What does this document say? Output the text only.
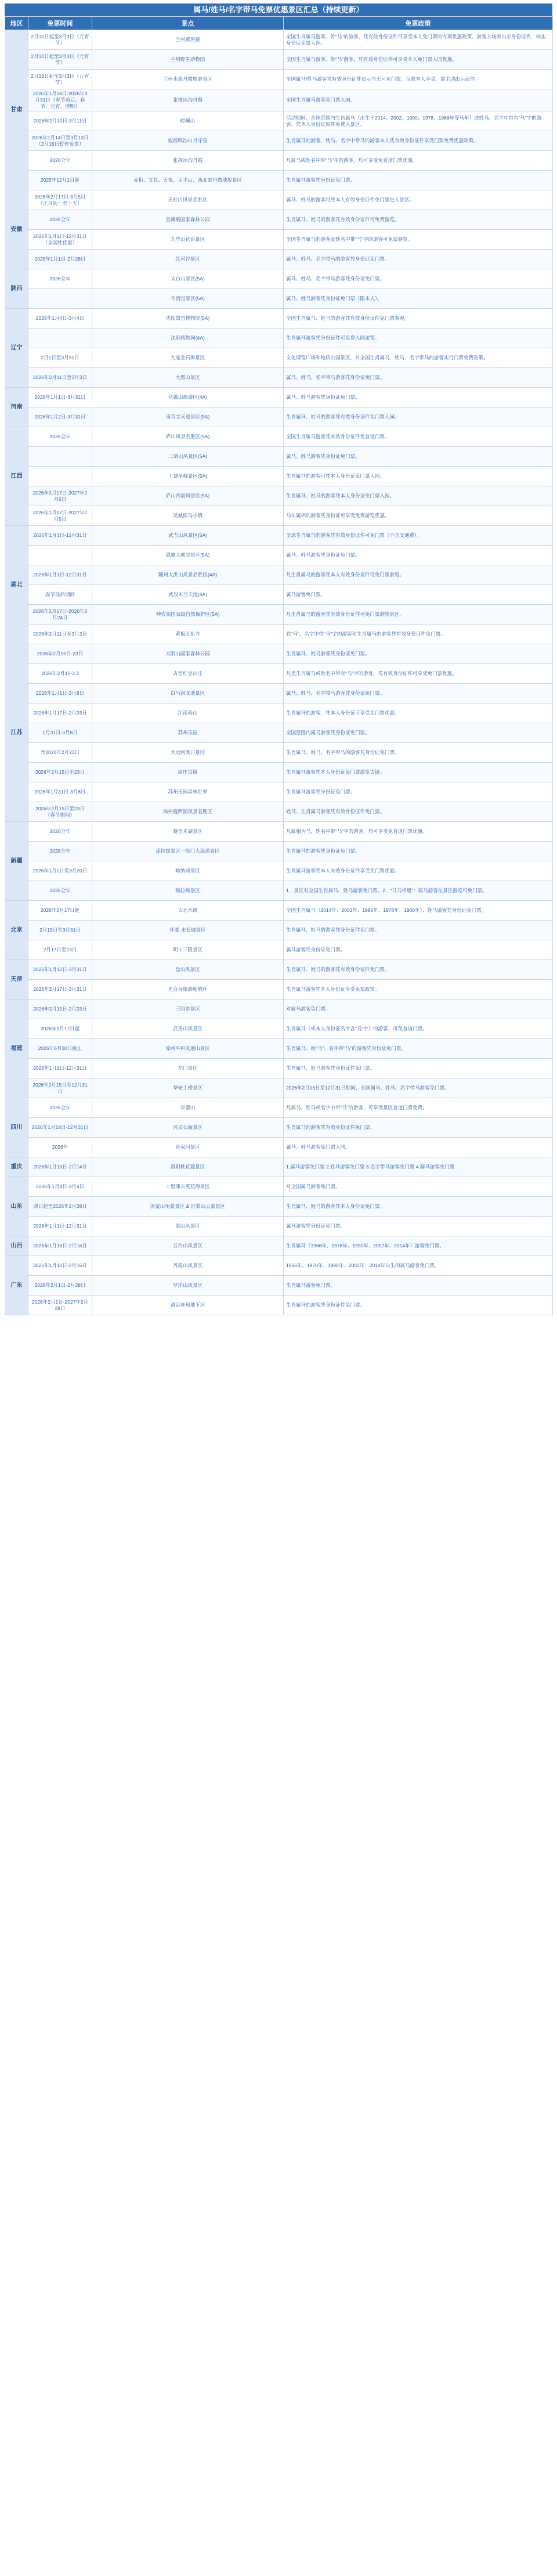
属马/姓马/名字带马免票优惠景区汇总（持续更新）
地区	免票时间	景点	免票政策
甘肃	2月10日起至3月3日（元宵节）	兰州黄河楼	全国生肖属马游客、姓“马”的游客，凭有效身份证件可享受本人免门票的专项优惠政策。游客入场须出示身份证件，核实身份后免票入园。
	2月10日起至3月3日（元宵节）	兰州野生动物园	全国生肖属马游客、姓“马”游客，凭有效身份证件可享受本人免门票入园优惠。
	2月10日起至3月3日（元宵节）	兰州水墨丹霞旅游景区	全国属马/姓马游客凭有效身份证件出示当天可免门票，仅限本人享受，需主动出示证件。
	2026年1月18日-2026年3月31日（春节前后、春节、元宵、清明）	张掖冰沟丹霞	全国生肖属马游客免门票入园。
	2026年2月10日-3月11日	崆峒山	活动期间，全国范围内生肖属马（出生于2014、2002、1990、1978、1966年等马年）或姓马、名字中带有“马”字的游客，凭本人身份证原件免费入景区。
	2026年1月14日至3月13日（2月16日暂停免票）	敦煌鸣沙山月牙泉	生肖属马的游客、姓马、名字中带马的游客本人凭有效身份证件享受门票免费优惠政策。
	2026全年	张掖冰沟丹霞	凡属马或姓名中带“马”字的游客，均可享受免首道门票优惠。
	2025年12月1日起	麦积、文县、天祝、太平山、西北部丹霞地貌景区	生肖属马游客凭身份证免门票。
安徽	2026年2月17日-3月5日（正月初一至十五）	天柱山风景名胜区	属马、姓马的游客可凭本人有效身份证件免门票进入景区。
	2026全年	皇藏峪国家森林公园	生肖属马、姓马的游客凭有效身份证件可免费游览。
	2026年1月1日-12月31日（全国性优惠）	九华山花台景区	全国生肖属马的游客及姓名中带“马”字的游客可免票游览。
	2026年1月1日-2月28日	红河谷景区	属马、姓马、名字带马的游客凭身份证免门票。
陕西	2026全年	太白山景区(5A)	属马、姓马、名字带马游客凭身份证免门票。
		华清宫景区(5A)	属马、姓马游客凭身份证免门票（限本人）。
辽宁	2026年1月4日-3月4日	沈阳故宫博物院(5A)	全国生肖属马、姓马的游客凭有效身份证件免门票参观。
		沈阳植物园(4A)	生肖属马游客凭身份证件可免费入园游览。
	2月1日至3月31日	大连金石滩景区	文化博览广场和地质公园景区，对全国生肖属马、姓马、名字带马的游客实行门票免费政策。
	2026年2月11日至3月3日	大黑山景区	属马、姓马、名字带马游客凭身份证免门票。
河南	2026年1月1日-3月31日	伏羲山旅游区(4A)	属马、姓马游客凭身份证免门票。
	2026年1月2日-3月31日	南召宝天曼景区(5A)	生肖属马、姓马的游客凭有效身份证件免门票入园。
江西	2026全年	庐山风景名胜区(5A)	全国生肖属马游客凭有效身份证件免首道门票。
		三清山风景区(5A)	属马、姓马游客凭身份证免门票。
		上饶龟峰景区(5A)	生肖属马的游客可凭本人身份证免门票入园。
	2026年2月17日-2027年2月5日	庐山西海风景区(5A)	生肖属马、姓马的游客凭本人身份证免门票入园。
	2026年1月17日-2027年2月5日	吴城候鸟小镇	马年属相的游客凭身份证可享受免费游览优惠。
湖北	2026年1月1日-12月31日	武当山风景区(5A)	全球生肖属马的游客凭有效身份证件可免门票（不含交通费）。
		恩施大峡谷景区(5A)	属马、姓马游客凭身份证免门票。
	2026年1月1日-12月31日	随州大洪山风景名胜区(4A)	凡生肖属马的游客凭本人有效身份证件可免门票游览。
	春节前后期间	武汉木兰天池(4A)	属马游客免门票。
	2026年2月17日-2026年2月24日	神农架国家级自然保护区(5A)	凡生肖属马的游客凭有效身份证件可免门票游览景区。
	2026年2月11日至3月3日	黄梅五祖寺	姓“马”、名字中带“马”字的游客和生肖属马的游客凭有效身份证件免门票。
江苏	2026年2月15日-23日	大阳山国家森林公园	生肖属马、姓马游客凭身份证免门票。
	2026年2月15-3.3	古里红豆山庄	凡是生肖属马或姓名中带有“马”字的游客，凭有效身份证件可享受免门票优惠。
	2026年1月1日-3月8日	白马涧龙池景区	属马、姓马、名字带马游客凭身份证免门票。
	2026年1月17日-2月23日	江南春山	生肖属马的游客，凭本人身份证可享受免门票优惠。
	1月31日-3月8日	苏州乐园	全国范围内属马游客凭身份证免门票。
	至2026年2月23日	大运河渡口景区	生肖属马、姓马、名字带马的游客凭身份证免门票。
	2026年2月15日至23日	周庄古镇	生肖属马游客凭本人身份证免门票游览古镇。
	2026年1月31日-3月8日	苏州乐园森林世界	生肖属马游客凭身份证免门票。
	2026年2月15日至23日（春节期间）	扬州瘦西湖风景名胜区	姓马、生肖属马游客凭有效身份证件免门票。
新疆	2026全年	赛里木湖景区	凡属相为马，姓名中带“马”字的游客，均可享受免首道门票优惠。
	2026全年	那拉提景区一般门大海道景区	生肖属马的游客凭身份证免门票。
	2026年1月1日至3月20日	喀纳斯景区	生肖属马游客凭本人有效身份证件享受免门票优惠。
	2026全年	喀拉峻景区	1、景区对全国生肖属马、姓马游客免门票。2、“马马相遇”：骑马游客在景区游览可免门票。
北京	2026年2月17日起	古北水镇	全国生肖属马（2014年、2002年、1990年、1978年、1966年）、姓马游客凭身份证免门票。
	2月15日至3月31日	怀柔·水长城景区	生肖属马、姓马的游客凭身份证件免门票。
	2月17日至23日	明十三陵景区	属马游客凭身份证免门票。
天津	2026年1月12日-3月31日	盘山风景区	生肖属马、姓马的游客凭有效身份证件免门票。
	2026年2月17日-3月31日	光合谷旅游度假区	生肖属马游客凭本人身份证享受免票政策。
福建	2026年2月15日-2月23日	三明市景区	对属马游客免门票。
	2026年2月17日起	武夷山风景区	生肖属马（或本人身份证名字含“马”字）的游客，可免首道门票。
	2026年6月30日截止	漳州平和灵通山景区	生肖属马、姓“马”、名字带“马”的游客凭身份证免门票。
	2026年1月1日-12月31日	东门景区	生肖属马、姓马游客凭身份证件免门票。
	2026年2月15日至12月31日	华安土楼景区	2026年2月15日至12月31日期间，全国属马、姓马、名字带马游客免门票。
四川	2026全年	华蓥山	凡属马，姓马或名字中带“马”的游客，可享受景区首道门票免费。
	2026年1月18日-12月31日	兴文石海景区	生肖属马的游客凭有效身份证件免门票。
	2026年	唐家河景区	属马、姓马游客免门票入园。
重庆	2026年1月19日-2月14日	酉阳桃花源景区	1.属马游客免门票 2.姓马游客免门票 3.名字带马游客免门票 4.骑马游客免门票
山东	2026年1月4日-3月4日	十里蒲公英花海景区	对全国属马游客免门票。
	即日起至2026年2月28日	沂蒙山龟蒙景区 & 沂蒙山云蒙景区	生肖属马、姓马的游客凭本人身份证免门票。
	2026年1月1日-12月31日	梁山风景区	属马游客凭身份证免门票。
山西	2026年1月16日-2月16日	五台山风景区	生肖属马（1966年、1978年、1990年、2002年、2014年）游客免门票。
广东	2026年1月10日-2月16日	丹霞山风景区	1966年、1978年、1990年、2002年、2014年出生的属马游客免门票。
	2026年2月1日-2月28日	罗浮山风景区	生肖属马游客免门票。
	2026年2月1日-2027年2月28日	清远连州地下河	生肖属马的游客凭身份证件免门票。
